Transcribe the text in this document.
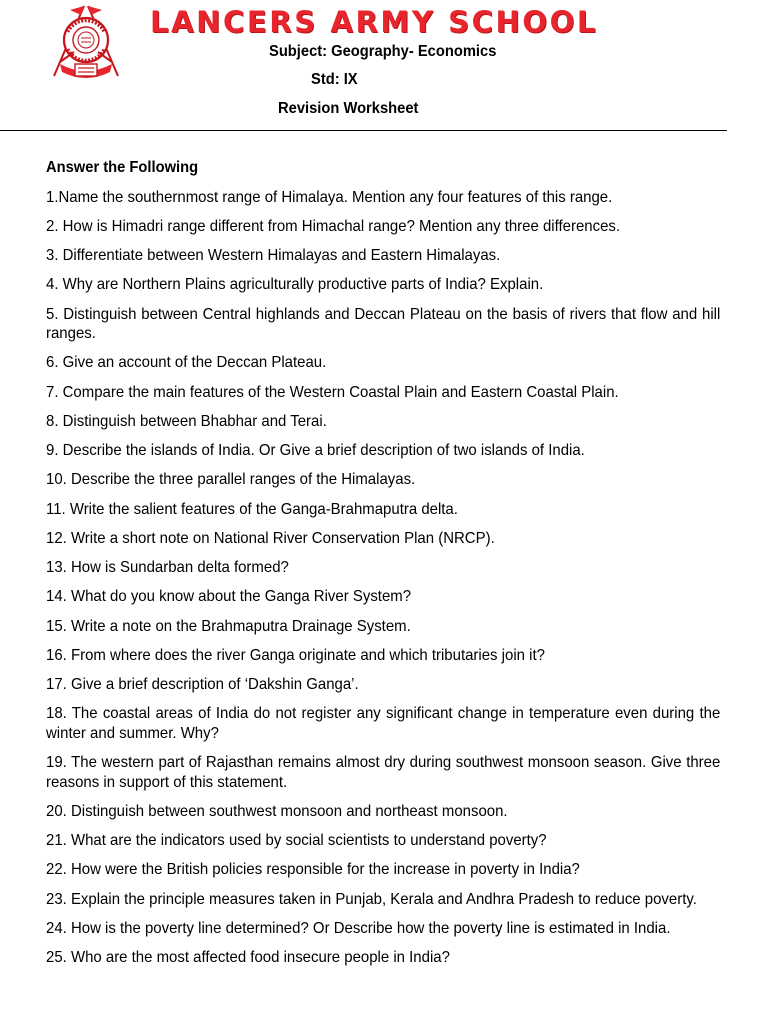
LANCERS ARMY SCHOOL
Subject: Geography- Economics
Std: IX
Revision Worksheet
Answer the Following
1.Name the southernmost range of Himalaya. Mention any four features of this range.
2. How is Himadri range different from Himachal range? Mention any three differences.
3. Differentiate between Western Himalayas and Eastern Himalayas.
4. Why are Northern Plains agriculturally productive parts of India? Explain.
5. Distinguish between Central highlands and Deccan Plateau on the basis of rivers that flow and hill ranges.
6. Give an account of the Deccan Plateau.
7. Compare the main features of the Western Coastal Plain and Eastern Coastal Plain.
8. Distinguish between Bhabhar and Terai.
9. Describe the islands of India. Or Give a brief description of two islands of India.
10. Describe the three parallel ranges of the Himalayas.
11. Write the salient features of the Ganga-Brahmaputra delta.
12. Write a short note on National River Conservation Plan (NRCP).
13. How is Sundarban delta formed?
14. What do you know about the Ganga River System?
15. Write a note on the Brahmaputra Drainage System.
16. From where does the river Ganga originate and which tributaries join it?
17. Give a brief description of ‘Dakshin Ganga’.
18. The coastal areas of India do not register any significant change in temperature even during the winter and summer. Why?
19. The western part of Rajasthan remains almost dry during southwest monsoon season. Give three reasons in support of this statement.
20. Distinguish between southwest monsoon and northeast monsoon.
21. What are the indicators used by social scientists to understand poverty?
22. How were the British policies responsible for the increase in poverty in India?
23. Explain the principle measures taken in Punjab, Kerala and Andhra Pradesh to reduce poverty.
24. How is the poverty line determined? Or Describe how the poverty line is estimated in India.
25. Who are the most affected food insecure people in India?
